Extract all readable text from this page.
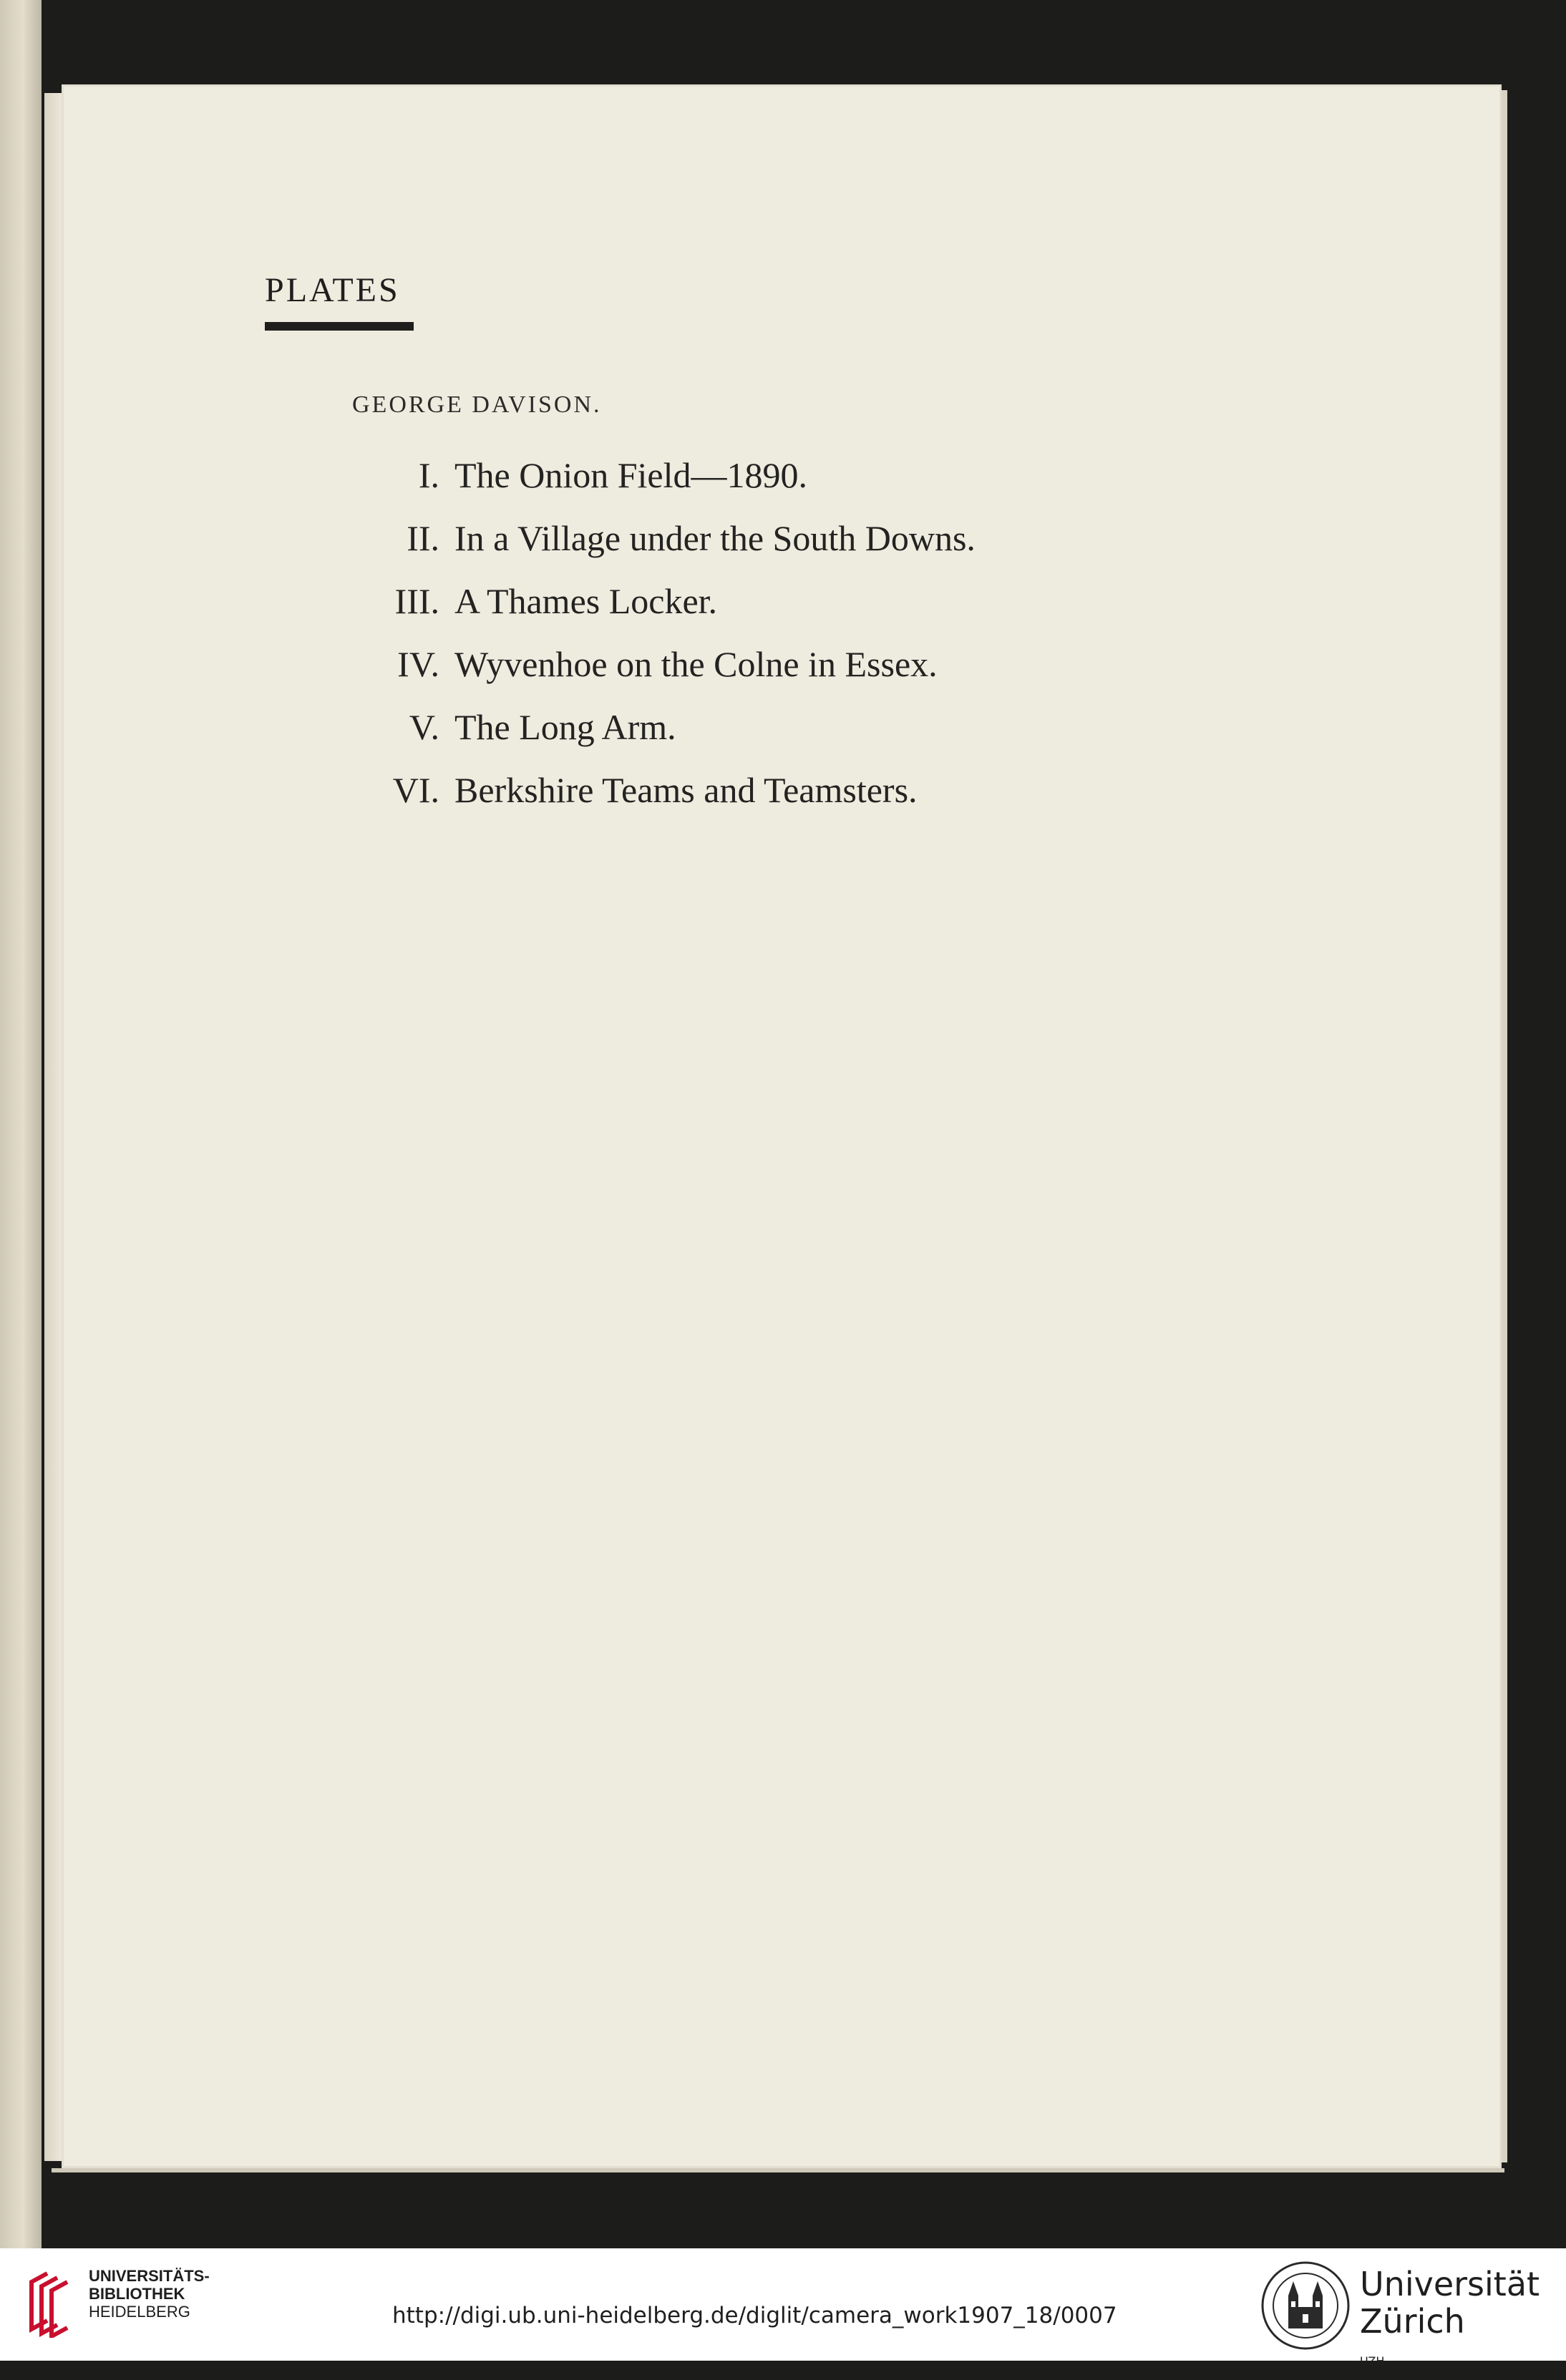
PLATES
GEORGE DAVISON.
I. The Onion Field—1890.
II. In a Village under the South Downs.
III. A Thames Locker.
IV. Wyvenhoe on the Colne in Essex.
V. The Long Arm.
VI. Berkshire Teams and Teamsters.
UNIVERSITÄTS-
BIBLIOTHEK
HEIDELBERG	http://digi.ub.uni-heidelberg.de/diglit/camera_work1907_18/0007
Universität
Zürich
UZH
